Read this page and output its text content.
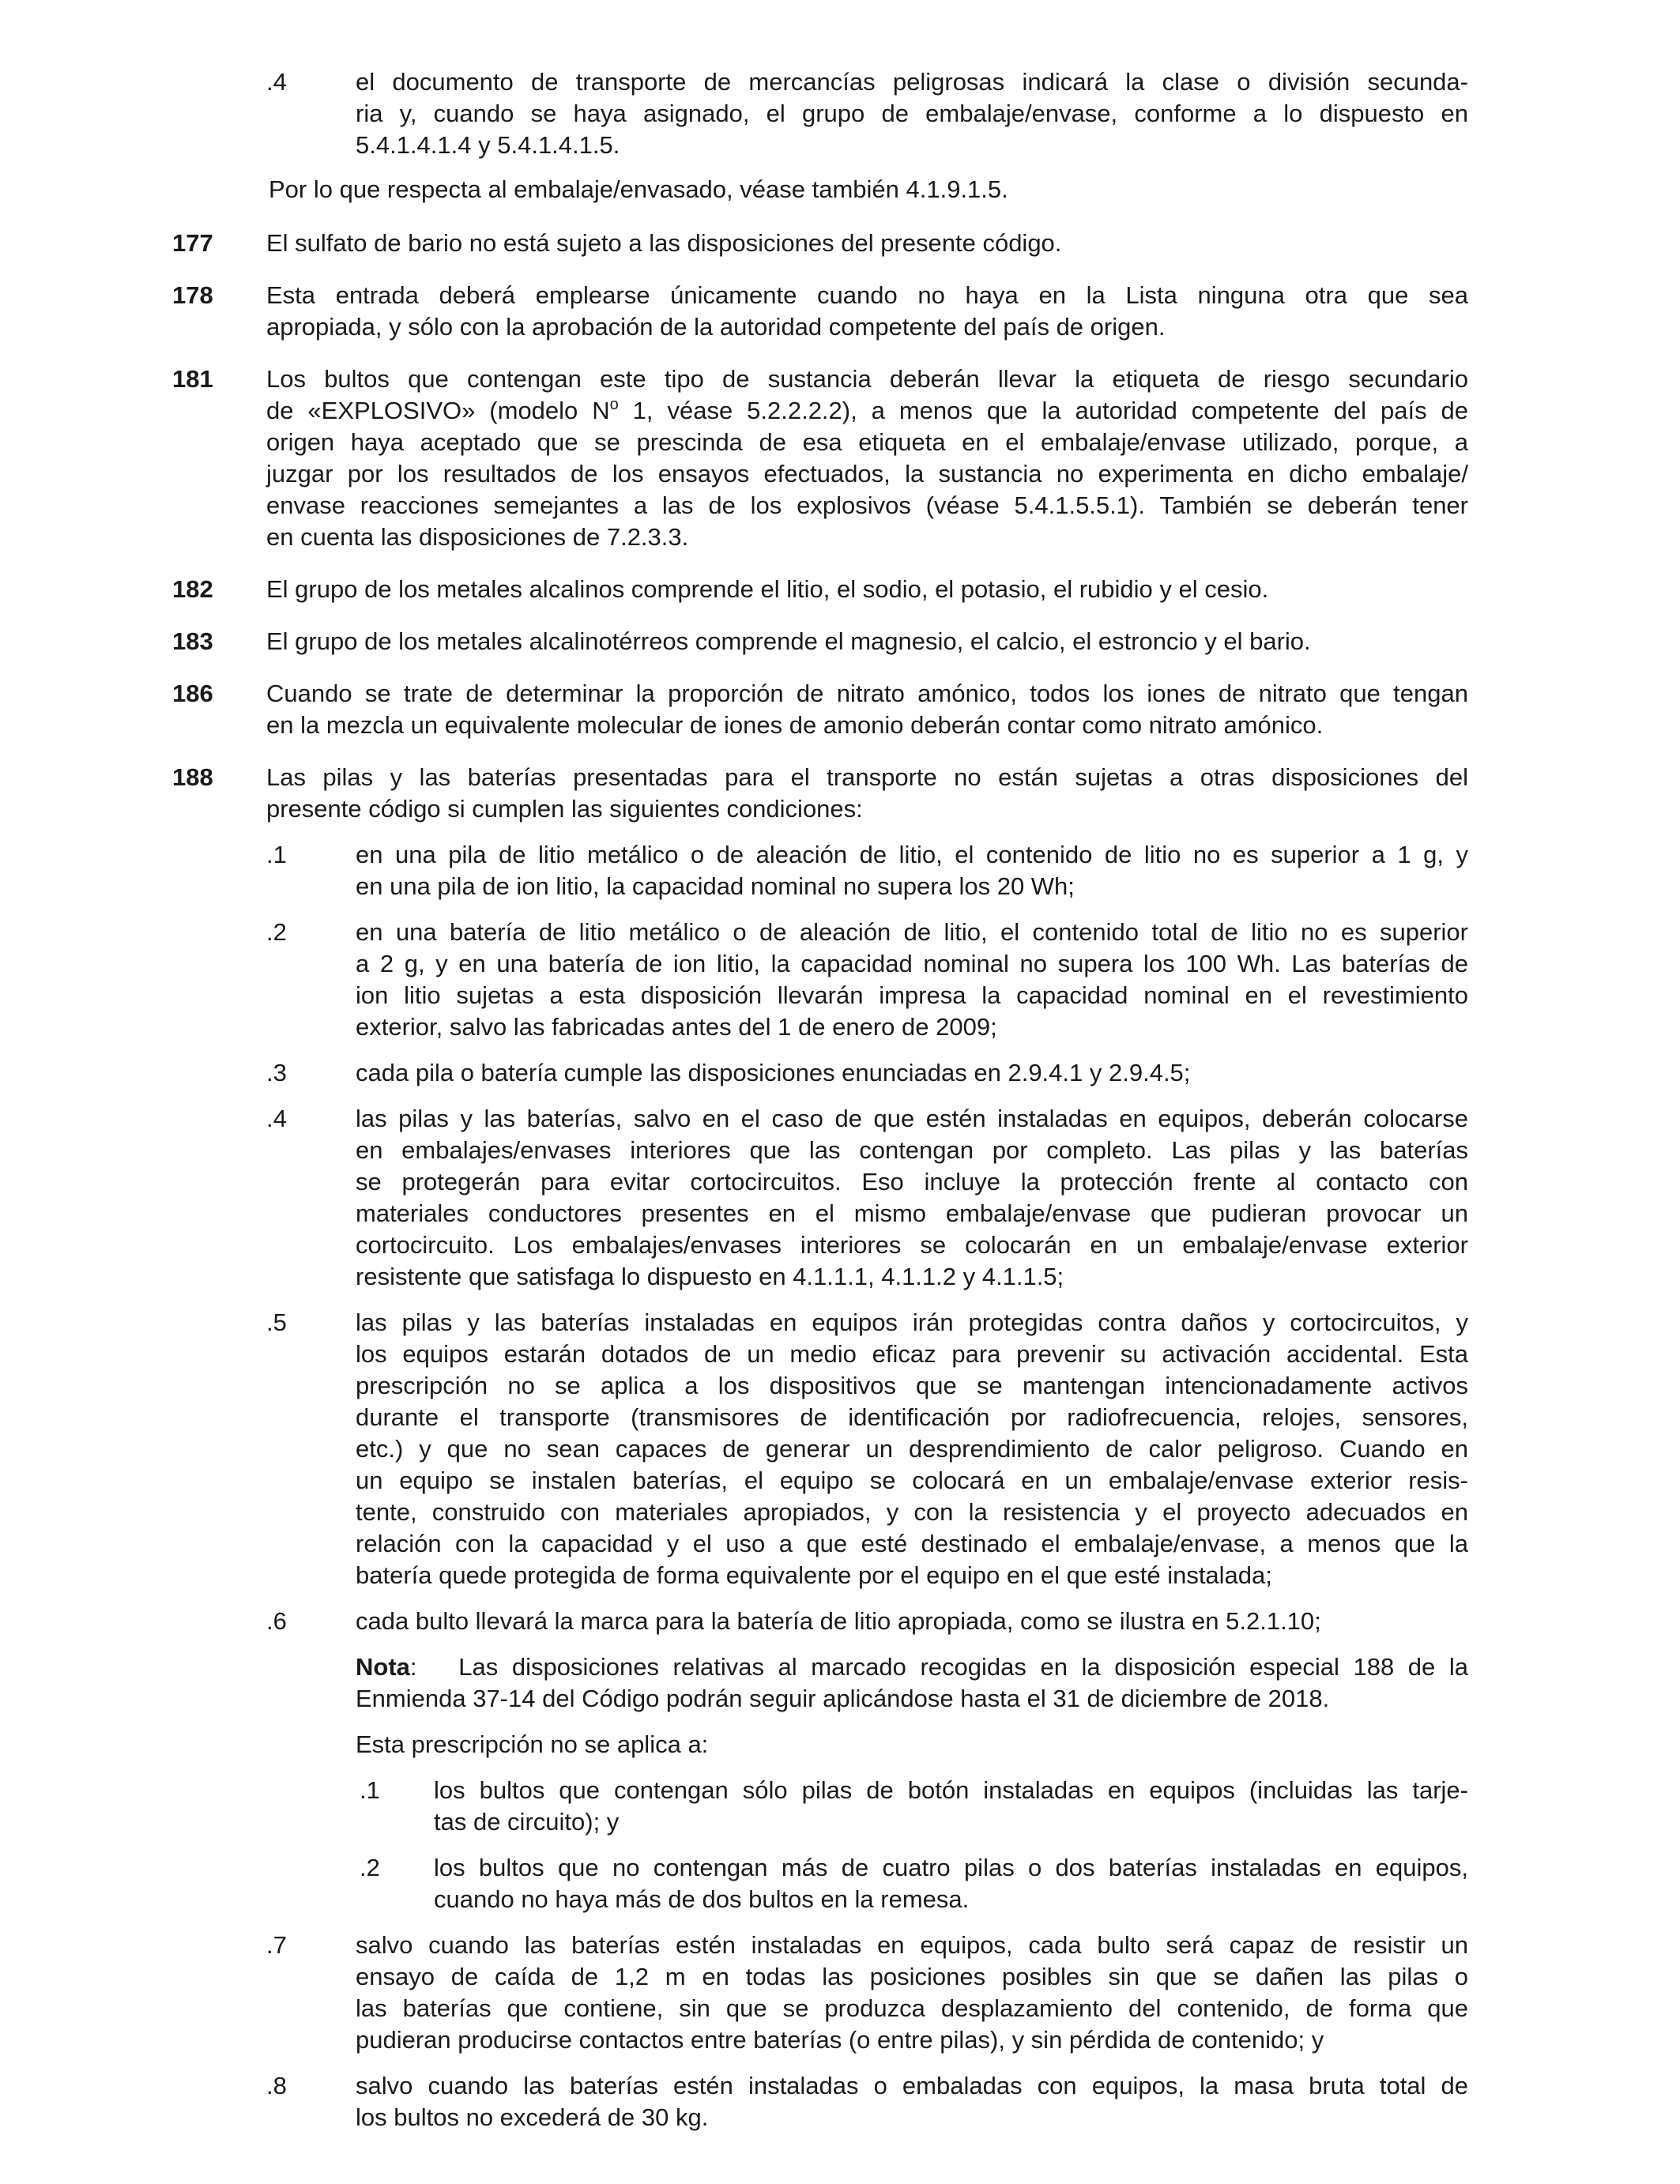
.4	el documento de transporte de mercancías peligrosas indicará la clase o división secunda-
ria y, cuando se haya asignado, el grupo de embalaje/envase, conforme a lo dispuesto en
5.4.1.4.1.4 y 5.4.1.4.1.5.
Por lo que respecta al embalaje/envasado, véase también 4.1.9.1.5.
177 El sulfato de bario no está sujeto a las disposiciones del presente código.
178 Esta entrada deberá emplearse únicamente cuando no haya en la Lista ninguna otra que sea
apropiada, y sólo con la aprobación de la autoridad competente del país de origen.
181 Los bultos que contengan este tipo de sustancia deberán llevar la etiqueta de riesgo secundario
de «EXPLOSIVO» (modelo $N^o$ 1, véase 5.2.2.2.2), a menos que la autoridad competente del país de
origen haya aceptado que se prescinda de esa etiqueta en el embalaje/envase utilizado, porque, a
juzgar por los resultados de los ensayos efectuados, la sustancia no experimenta en dicho embalaje/
envase reacciones semejantes a las de los explosivos (véase 5.4.1.5.5.1). También se deberán tener
en cuenta las disposiciones de 7.2.3.3.
182 El grupo de los metales alcalinos comprende el litio, el sodio, el potasio, el rubidio y el cesio.
183 El grupo de los metales alcalinotérreos comprende el magnesio, el calcio, el estroncio y el bario.
186 Cuando se trate de determinar la proporción de nitrato amónico, todos los iones de nitrato que tengan
en la mezcla un equivalente molecular de iones de amonio deberán contar como nitrato amónico.
188 Las pilas y las baterías presentadas para el transporte no están sujetas a otras disposiciones del
presente código si cumplen las siguientes condiciones:
.1	en una pila de litio metálico o de aleación de litio, el contenido de litio no es superior a 1 g, y
en una pila de ion litio, la capacidad nominal no supera los 20 Wh;
.2	en una batería de litio metálico o de aleación de litio, el contenido total de litio no es superior
a 2 g, y en una batería de ion litio, la capacidad nominal no supera los 100 Wh. Las baterías de
ion litio sujetas a esta disposición llevarán impresa la capacidad nominal en el revestimiento
exterior, salvo las fabricadas antes del 1 de enero de 2009;
.3	cada pila o batería cumple las disposiciones enunciadas en 2.9.4.1 y 2.9.4.5;
.4	las pilas y las baterías, salvo en el caso de que estén instaladas en equipos, deberán colocarse
en embalajes/envases interiores que las contengan por completo. Las pilas y las baterías
se protegerán para evitar cortocircuitos. Eso incluye la protección frente al contacto con
materiales conductores presentes en el mismo embalaje/envase que pudieran provocar un
cortocircuito. Los embalajes/envases interiores se colocarán en un embalaje/envase exterior
resistente que satisfaga lo dispuesto en 4.1.1.1, 4.1.1.2 y 4.1.1.5;
.5	las pilas y las baterías instaladas en equipos irán protegidas contra daños y cortocircuitos, y
los equipos estarán dotados de un medio eficaz para prevenir su activación accidental. Esta
prescripción no se aplica a los dispositivos que se mantengan intencionadamente activos
durante el transporte (transmisores de identificación por radiofrecuencia, relojes, sensores,
etc.) y que no sean capaces de generar un desprendimiento de calor peligroso. Cuando en
un equipo se instalen baterías, el equipo se colocará en un embalaje/envase exterior resis-
tente, construido con materiales apropiados, y con la resistencia y el proyecto adecuados en
relación con la capacidad y el uso a que esté destinado el embalaje/envase, a menos que la
batería quede protegida de forma equivalente por el equipo en el que esté instalada;
.6	cada bulto llevará la marca para la batería de litio apropiada, como se ilustra en 5.2.1.10;
Nota: Las disposiciones relativas al marcado recogidas en la disposición especial 188 de la
Enmienda 37-14 del Código podrán seguir aplicándose hasta el 31 de diciembre de 2018.
Esta prescripción no se aplica a:
.1 los bultos que contengan sólo pilas de botón instaladas en equipos (incluidas las tarje-
tas de circuito); y
.2 los bultos que no contengan más de cuatro pilas o dos baterías instaladas en equipos,
cuando no haya más de dos bultos en la remesa.
.7	salvo cuando las baterías estén instaladas en equipos, cada bulto será capaz de resistir un
ensayo de caída de 1,2 m en todas las posiciones posibles sin que se dañen las pilas o
las baterías que contiene, sin que se produzca desplazamiento del contenido, de forma que
pudieran producirse contactos entre baterías (o entre pilas), y sin pérdida de contenido; y
.8	salvo cuando las baterías estén instaladas o embaladas con equipos, la masa bruta total de
los bultos no excederá de 30 kg.
